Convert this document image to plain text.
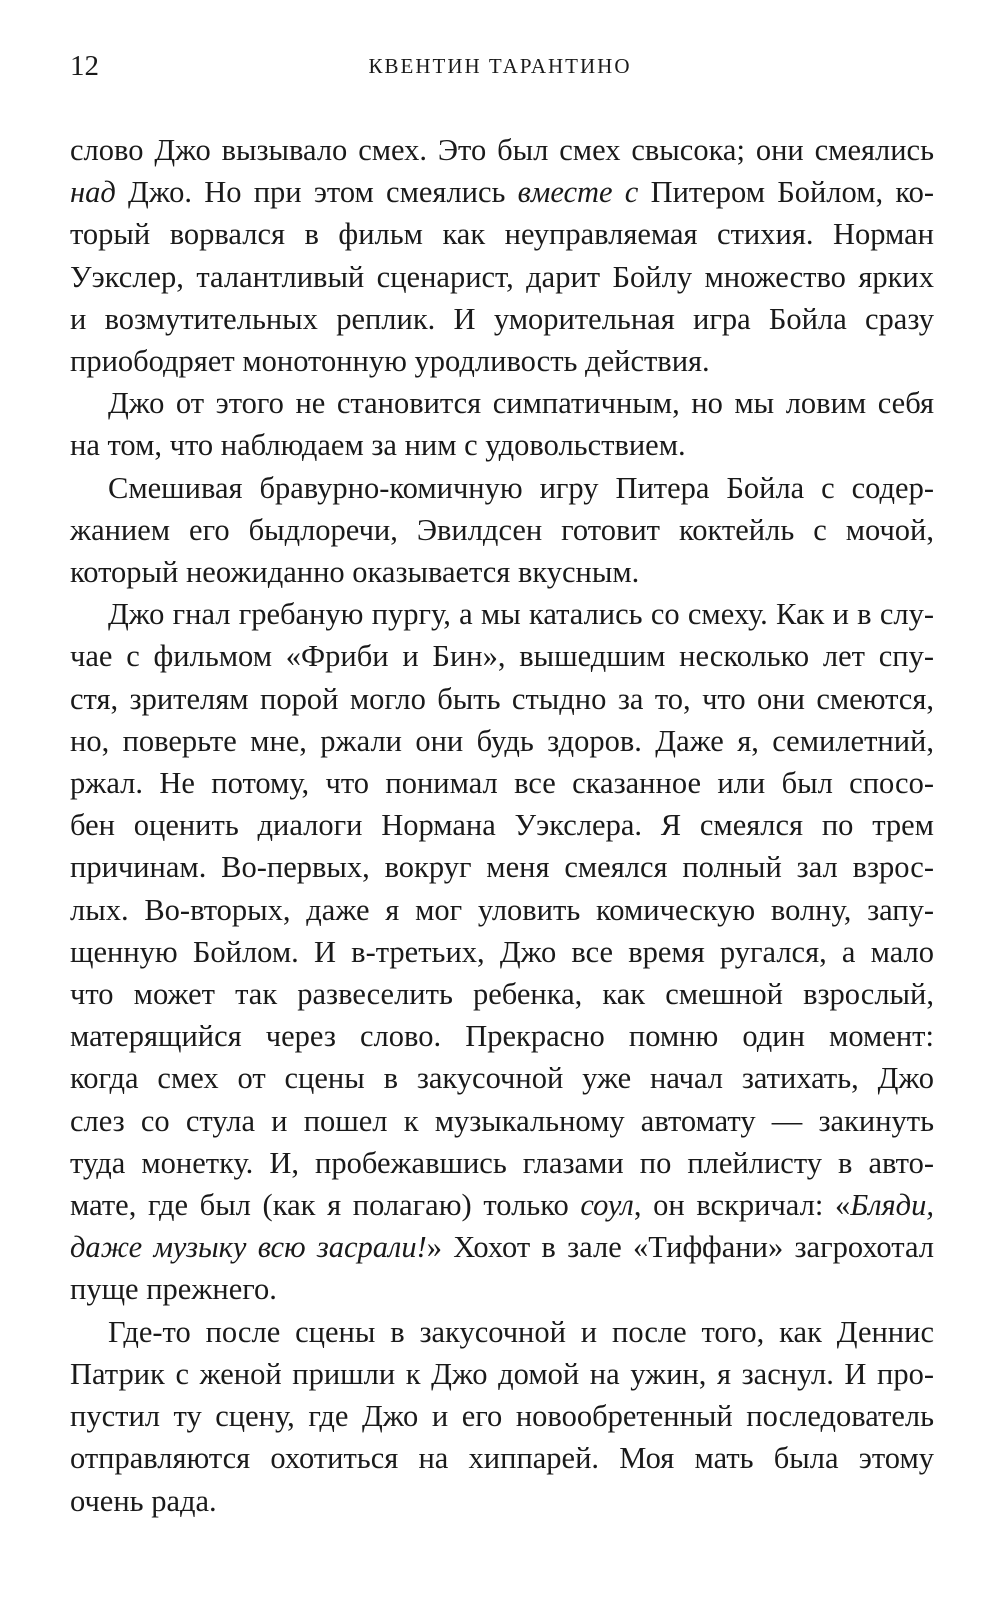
12	КВЕНТИН ТАРАНТИНО

слово Джо вызывало смех. Это был смех свысока; они смеялись
над Джо. Но при этом смеялись вместе с Питером Бойлом, ко-
торый ворвался в фильм как неуправляемая стихия. Норман
Уэкслер, талантливый сценарист, дарит Бойлу множество ярких
и возмутительных реплик. И уморительная игра Бойла сразу
приободряет монотонную уродливость действия.

Джо от этого не становится симпатичным, но мы ловим себя
на том, что наблюдаем за ним с удовольствием.

Смешивая бравурно-комичную игру Питера Бойла с содер-
жанием его быдлоречи, Эвилдсен готовит коктейль с мочой,
который неожиданно оказывается вкусным.

Джо гнал гребаную пургу, а мы катались со смеху. Как и в слу-
чае с фильмом «Фриби и Бин», вышедшим несколько лет спу-
стя, зрителям порой могло быть стыдно за то, что они смеются,
но, поверьте мне, ржали они будь здоров. Даже я, семилетний,
ржал. Не потому, что понимал все сказанное или был спосо-
бен оценить диалоги Нормана Уэкслера. Я смеялся по трем
причинам. Во-первых, вокруг меня смеялся полный зал взрос-
лых. Во-вторых, даже я мог уловить комическую волну, запу-
щенную Бойлом. И в-третьих, Джо все время ругался, а мало
что может так развеселить ребенка, как смешной взрослый,
матерящийся через слово. Прекрасно помню один момент:
когда смех от сцены в закусочной уже начал затихать, Джо
слез со стула и пошел к музыкальному автомату — закинуть
туда монетку. И, пробежавшись глазами по плейлисту в авто-
мате, где был (как я полагаю) только соул, он вскричал: «Бляди,
даже музыку всю засрали!» Хохот в зале «Тиффани» загрохотал
пуще прежнего.

Где-то после сцены в закусочной и после того, как Деннис
Патрик с женой пришли к Джо домой на ужин, я заснул. И про-
пустил ту сцену, где Джо и его новообретенный последователь
отправляются охотиться на хиппарей. Моя мать была этому
очень рада.
